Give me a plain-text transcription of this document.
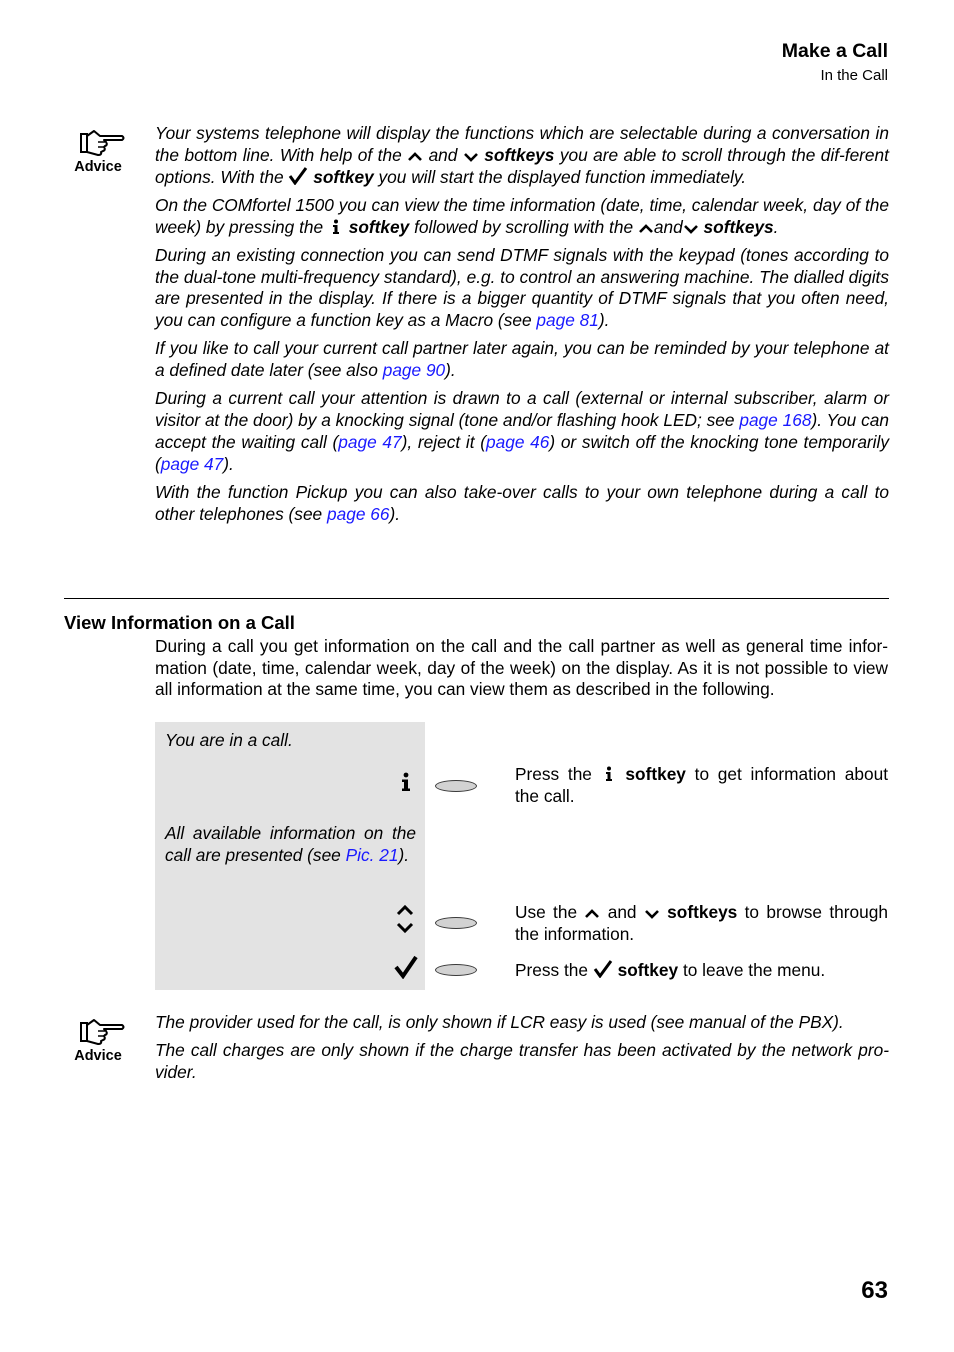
Make a Call
In the Call
Advice

Your systems telephone will display the functions which are selectable during a conversation in the bottom line. With help of the and softkeys you are able to scroll through the dif-ferent options. With the softkey you will start the displayed function immediately.

On the COMfortel 1500 you can view the time information (date, time, calendar week, day of the week) by pressing the softkey followed by scrolling with the and softkeys.

During an existing connection you can send DTMF signals with the keypad (tones according to the dual-tone multi-frequency standard), e.g. to control an answering machine. The dialled digits are presented in the display. If there is a bigger quantity of DTMF signals that you often need, you can configure a function key as a Macro (see page 81).

If you like to call your current call partner later again, you can be reminded by your telephone at a defined date later (see also page 90).

During a current call your attention is drawn to a call (external or internal subscriber, alarm or visitor at the door) by a knocking signal (tone and/or flashing hook LED; see page 168). You can accept the waiting call (page 47), reject it (page 46) or switch off the knocking tone temporarily (page 47).

With the function Pickup you can also take-over calls to your own telephone during a call to other telephones (see page 66).

View Information on a Call

During a call you get information on the call and the call partner as well as general time infor-mation (date, time, calendar week, day of the week) on the display. As it is not possible to view all information at the same time, you can view them as described in the following.

You are in a call.
All available information on the call are presented (see Pic. 21).

Press the softkey to get information about the call.

Use the and softkeys to browse through the information.

Press the softkey to leave the menu.

Advice

The provider used for the call, is only shown if LCR easy is used (see manual of the PBX).

The call charges are only shown if the charge transfer has been activated by the network pro-vider.

63
